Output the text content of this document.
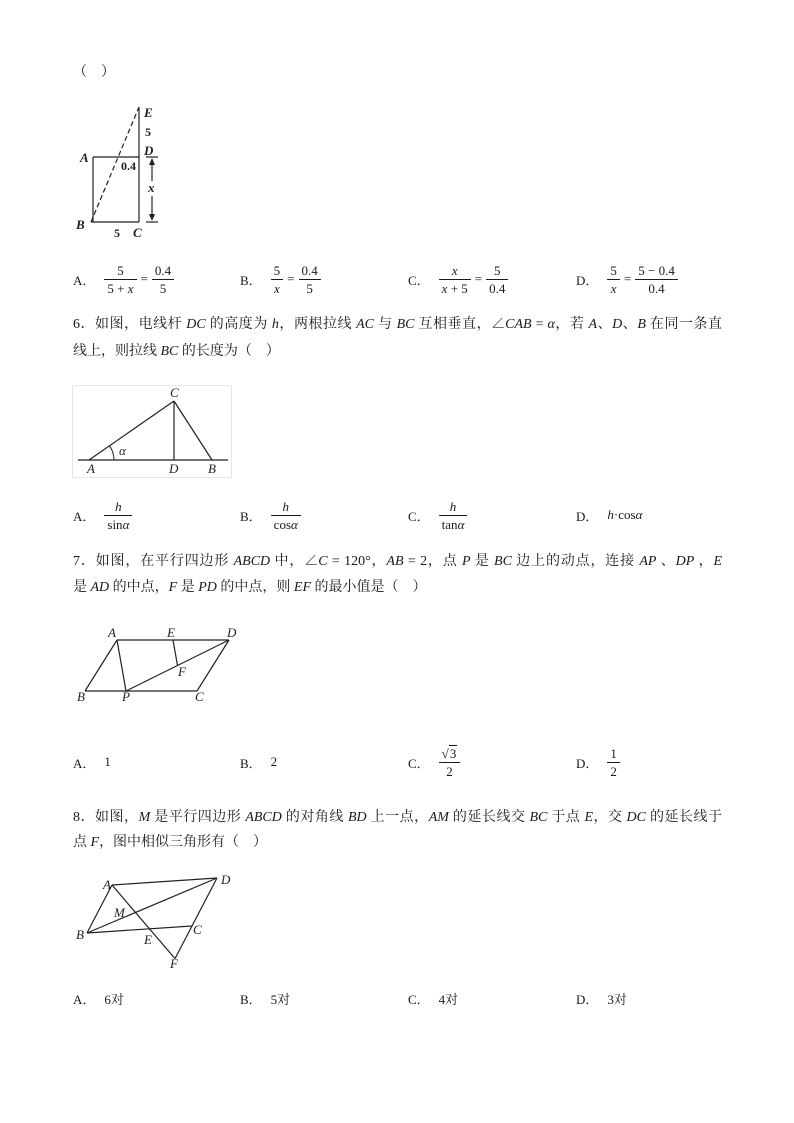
（　）
E
5
A	D
0.4
x
B
5 C
A． $\frac{5}{5 + x} = \frac{0.4}{5}$	B． $\frac{5}{x} = \frac{0.4}{5}$	C． $\frac{x}{x + 5} = \frac{5}{0.4}$	D． $\frac{5}{x} = \frac{5 - 0.4}{0.4}$
6．如图，电线杆 DC 的高度为 h，两根拉线 AC 与 BC 互相垂直，∠CAB = α，若 A、D、B 在同一条直
线上，则拉线 BC 的长度为（　）
C
α
A	D B
A． $\frac{h}{\sin\alpha}$	B． $\frac{h}{\cos\alpha}$	C． $\frac{h}{\tan\alpha}$	D． h·cosα
7．如图，在平行四边形 ABCD 中，∠C = 120°，AB = 2，点 P 是 BC 边上的动点，连接 AP 、DP ，E
是 AD 的中点，F 是 PD 的中点，则 EF 的最小值是（　）
A	E	D
F
B	P	C
A． 1	B． 2	C． $\frac{√3}{2}$	D． $\frac{1}{2}$
8．如图，M 是平行四边形 ABCD 的对角线 BD 上一点，AM 的延长线交 BC 于点 E，交 DC 的延长线于
点 F，图中相似三角形有（　）
A	D
M
B	E
C
F
A． 6对	B． 5对	C． 4对	D． 3对
